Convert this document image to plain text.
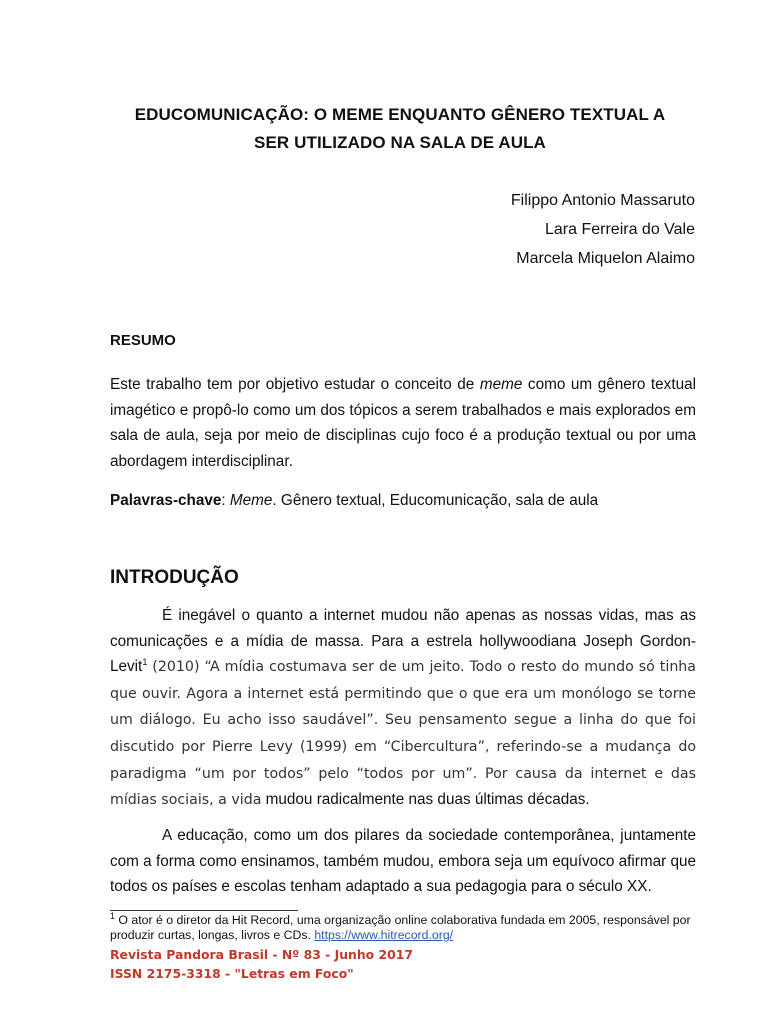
EDUCOMUNICAÇÃO: O MEME ENQUANTO GÊNERO TEXTUAL A
SER UTILIZADO NA SALA DE AULA
Filippo Antonio Massaruto
Lara Ferreira do Vale
Marcela Miquelon Alaimo
RESUMO
Este trabalho tem por objetivo estudar o conceito de meme como um gênero textual imagético e propô-lo como um dos tópicos a serem trabalhados e mais explorados em sala de aula, seja por meio de disciplinas cujo foco é a produção textual ou por uma abordagem interdisciplinar.
Palavras-chave: Meme. Gênero textual, Educomunicação, sala de aula
INTRODUÇÃO
É inegável o quanto a internet mudou não apenas as nossas vidas, mas as comunicações e a mídia de massa. Para a estrela hollywoodiana Joseph Gordon-Levit$^1$ (2010) “A mídia costumava ser de um jeito. Todo o resto do mundo só tinha que ouvir. Agora a internet está permitindo que o que era um monólogo se torne um diálogo. Eu acho isso saudável”. Seu pensamento segue a linha do que foi discutido por Pierre Levy (1999) em “Cibercultura”, referindo-se a mudança do paradigma “um por todos” pelo “todos por um”. Por causa da internet e das mídias sociais, a vida mudou radicalmente nas duas últimas décadas.
A educação, como um dos pilares da sociedade contemporânea, juntamente com a forma como ensinamos, também mudou, embora seja um equívoco afirmar que todos os países e escolas tenham adaptado a sua pedagogia para o século XX.
$^1$ O ator é o diretor da Hit Record, uma organização online colaborativa fundada em 2005, responsável por produzir curtas, longas, livros e CDs. https://www.hitrecord.org/
Revista Pandora Brasil - Nº 83 - Junho 2017
ISSN 2175-3318 - "Letras em Foco"
